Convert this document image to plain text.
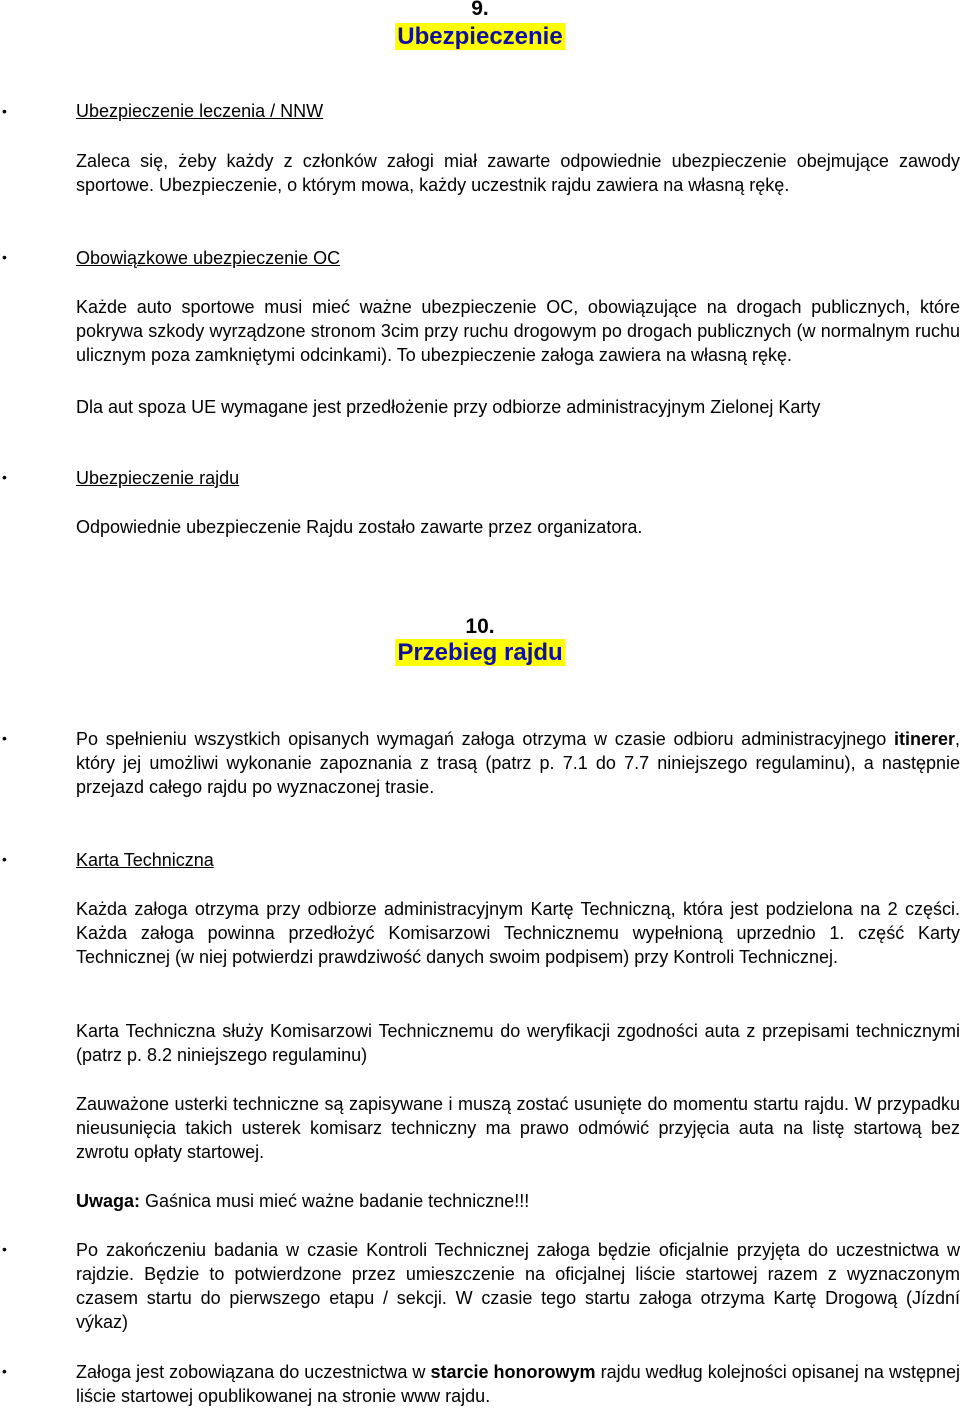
9.
Ubezpieczenie
•	Ubezpieczenie leczenia / NNW

Zaleca się, żeby każdy z członków załogi miał zawarte odpowiednie ubezpieczenie obejmujące zawody sportowe. Ubezpieczenie, o którym mowa, każdy uczestnik rajdu zawiera na własną rękę.

•	Obowiązkowe ubezpieczenie OC

Każde auto sportowe musi mieć ważne ubezpieczenie OC, obowiązujące na drogach publicznych, które pokrywa szkody wyrządzone stronom 3cim przy ruchu drogowym po drogach publicznych (w normalnym ruchu ulicznym poza zamkniętymi odcinkami). To ubezpieczenie załoga zawiera na własną rękę.

Dla aut spoza UE wymagane jest przedłożenie przy odbiorze administracyjnym Zielonej Karty
•	Ubezpieczenie rajdu
Odpowiednie ubezpieczenie Rajdu zostało zawarte przez organizatora.
10.
Przebieg rajdu
•	Po spełnieniu wszystkich opisanych wymagań załoga otrzyma w czasie odbioru administracyjnego itinerer, który jej umożliwi wykonanie zapoznania z trasą (patrz p. 7.1 do 7.7 niniejszego regulaminu), a następnie przejazd całego rajdu po wyznaczonej trasie.

•	Karta Techniczna

Każda załoga otrzyma przy odbiorze administracyjnym Kartę Techniczną, która jest podzielona na 2 części. Każda załoga powinna przedłożyć Komisarzowi Technicznemu wypełnioną uprzednio 1. część Karty Technicznej (w niej potwierdzi prawdziwość danych swoim podpisem) przy Kontroli Technicznej.

Karta Techniczna służy Komisarzowi Technicznemu do weryfikacji zgodności auta z przepisami technicznymi (patrz p. 8.2 niniejszego regulaminu)

Zauważone usterki techniczne są zapisywane i muszą zostać usunięte do momentu startu rajdu. W przypadku nieusunięcia takich usterek komisarz techniczny ma prawo odmówić przyjęcia auta na listę startową bez zwrotu opłaty startowej.

Uwaga: Gaśnica musi mieć ważne badanie techniczne!!!
•	Po zakończeniu badania w czasie Kontroli Technicznej załoga będzie oficjalnie przyjęta do uczestnictwa w rajdzie. Będzie to potwierdzone przez umieszczenie na oficjalnej liście startowej razem z wyznaczonym czasem startu do pierwszego etapu / sekcji. W czasie tego startu załoga otrzyma Kartę Drogową (Jízdní výkaz)

•	Załoga jest zobowiązana do uczestnictwa w starcie honorowym rajdu według kolejności opisanej na wstępnej liście startowej opublikowanej na stronie www rajdu.
